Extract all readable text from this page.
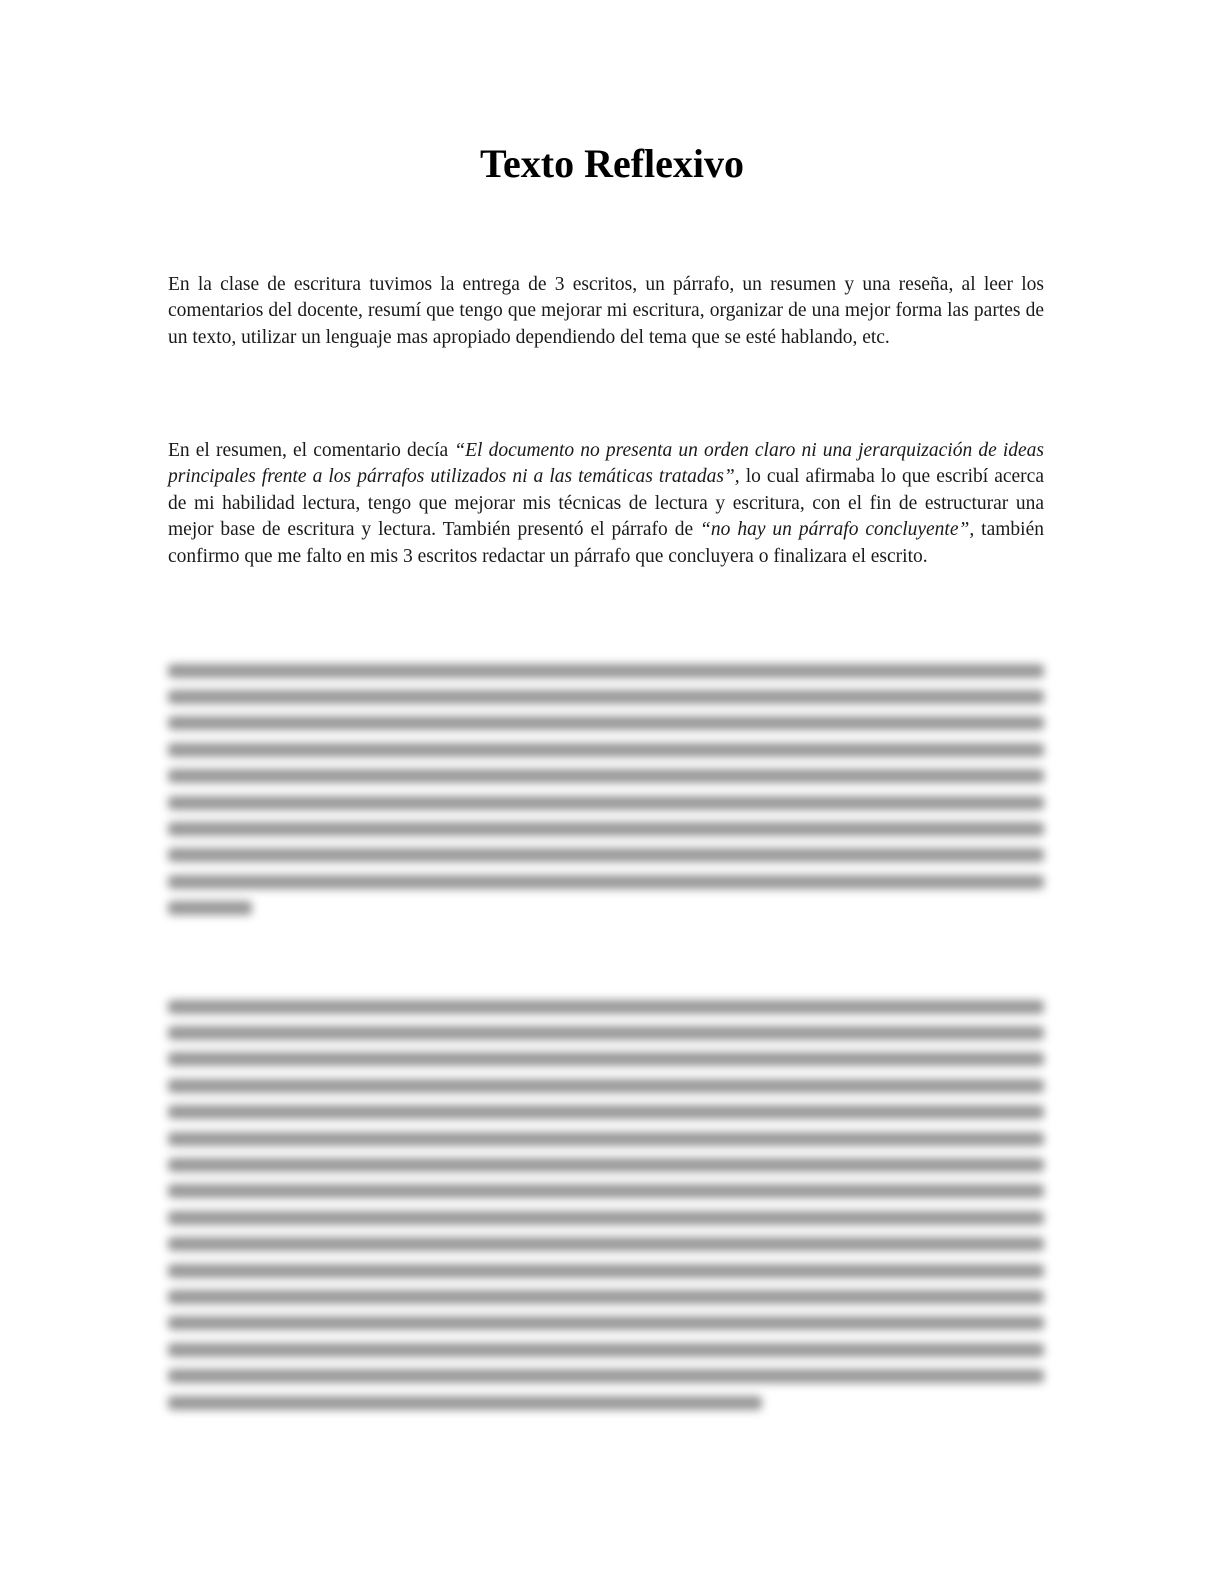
Texto Reflexivo

En la clase de escritura tuvimos la entrega de 3 escritos, un párrafo, un resumen y una reseña, al leer los comentarios del docente, resumí que tengo que mejorar mi escritura, organizar de una mejor forma las partes de un texto, utilizar un lenguaje mas apropiado dependiendo del tema que se esté hablando, etc.

En el resumen, el comentario decía “El documento no presenta un orden claro ni una jerarquización de ideas principales frente a los párrafos utilizados ni a las temáticas tratadas”, lo cual afirmaba lo que escribí acerca de mi habilidad lectura, tengo que mejorar mis técnicas de lectura y escritura, con el fin de estructurar una mejor base de escritura y lectura. También presentó el párrafo de “no hay un párrafo concluyente”, también confirmo que me falto en mis 3 escritos redactar un párrafo que concluyera o finalizara el escrito.
